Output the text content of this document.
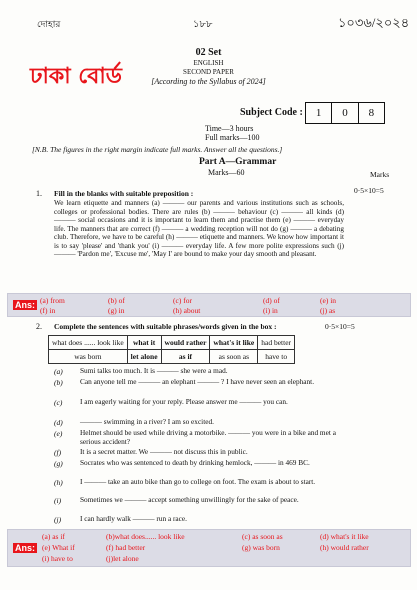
দোহার	১৮৮	১০৩৬/২০২৪
ঢাকা বোর্ড
02 Set
ENGLISH
SECOND PAPER
[According to the Syllabus of 2024]
Subject Code :	1	0	8
Time—3 hours
Full marks—100
[N.B. The figures in the right margin indicate full marks. Answer all the questions.]
Part A—Grammar
Marks—60	Marks
1. Fill in the blanks with suitable preposition :	0·5×10=5
We learn etiquette and manners (a) ——— our parents and various institutions such as schools, colleges or professional bodies. There are rules (b) ——— behaviour (c) ——— all kinds (d) ——— social occasions and it is important to learn them and practise them (e) ——— everyday life. The manners that are correct (f) ——— a wedding reception will not do (g) ——— a debating club. Therefore, we have to be careful (h) ——— etiquette and manners. We know how important it is to say 'please' and 'thank you' (i) ——— everyday life. A few more polite expressions such (j) ——— 'Pardon me', 'Excuse me', 'May I' are bound to make your day smooth and pleasant.
Ans: (a) from	(b) of	(c) for	(d) of	(e) in
(f) in	(g) in	(h) about	(i) in	(j) as
2. Complete the sentences with suitable phrases/words given in the box :	0·5×10=5
what does ...... look like	what it	would rather	what's it like	had better
was born	let alone	as if	as soon as	have to
(a) Sumi talks too much. It is ——— she were a mad.
(b) Can anyone tell me ——— an elephant ——— ? I have never seen an elephant.
(c) I am eagerly waiting for your reply. Please answer me ——— you can.
(d) ——— swimming in a river? I am so excited.
(e) Helmet should be used while driving a motorbike. ——— you were in a bike and met a serious accident?
(f)	It is a secret matter. We ——— not discuss this in public.
(g) Socrates who was sentenced to death by drinking hemlock, ——— in 469 BC.
(h) I ——— take an auto bike than go to college on foot. The exam is about to start.
(i)	Sometimes we ——— accept something unwillingly for the sake of peace.
(j)	I can hardly walk ——— run a race.
Ans:
(a) as if	(b)what does...... look like	(c) as soon as	(d) what's it like
(e) What if	(f) had better	(g) was born	(h) would rather
(i) have to	(j)let alone
